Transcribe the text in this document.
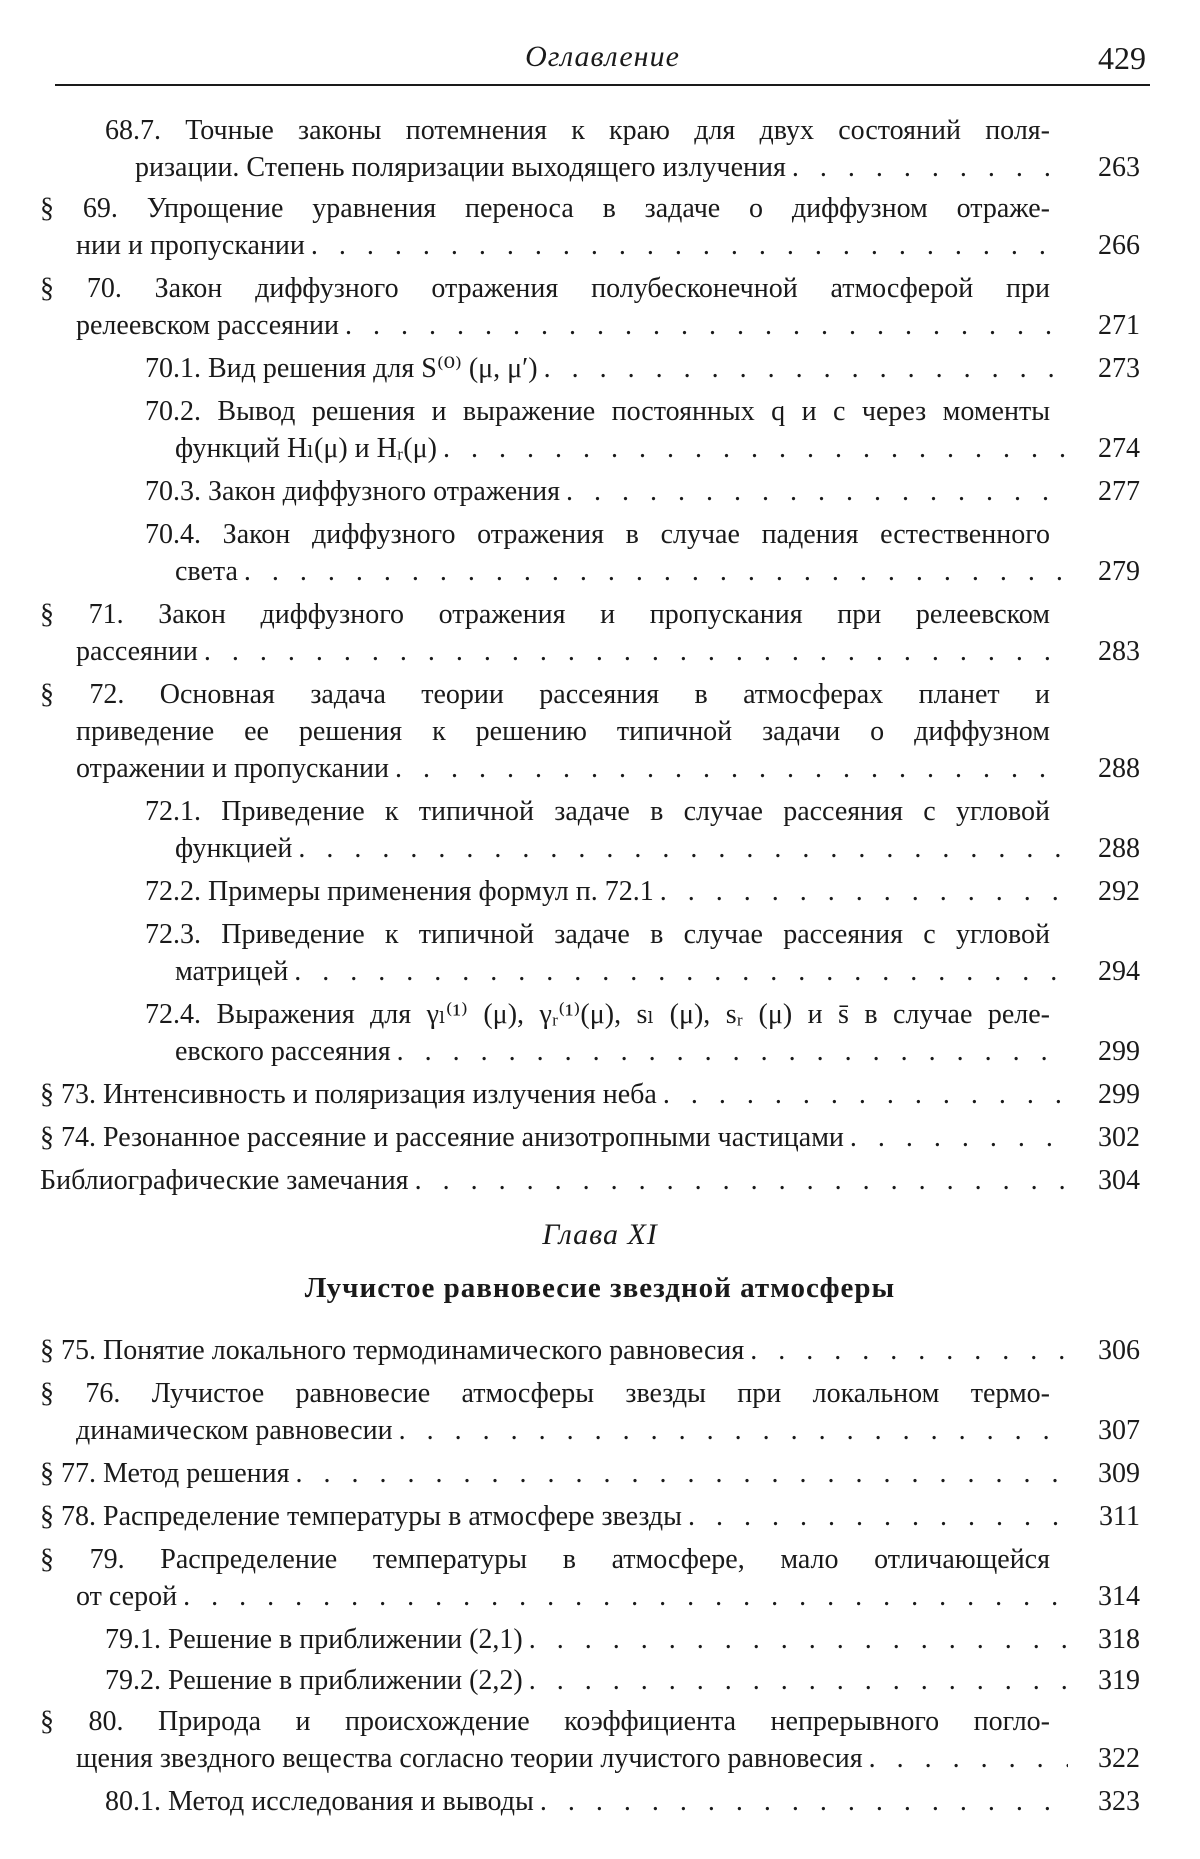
Оглавление	429
68.7. Точные законы потемнения к краю для двух состояний поля-
ризации. Степень поляризации выходящего излучения . . .	263
§ 69. Упрощение уравнения переноса в задаче о диффузном отраже-
нии и пропускании . . .	266
§ 70. Закон диффузного отражения полубесконечной атмосферой при
релеевском рассеянии . . .	271
70.1. Вид решения для S⁽⁰⁾ (μ, μ′) . . .	273
70.2. Вывод решения и выражение постоянных q и c через моменты
функций Hₗ(μ) и Hᵣ(μ) . . .	274
70.3. Закон диффузного отражения . . .	277
70.4. Закон диффузного отражения в случае падения естественного
света . . .	279
§ 71. Закон диффузного отражения и пропускания при релеевском
рассеянии . . .	283
§ 72. Основная задача теории рассеяния в атмосферах планет и
приведение ее решения к решению типичной задачи о диффузном
отражении и пропускании . . .	288
72.1. Приведение к типичной задаче в случае рассеяния с угловой
функцией . . .	288
72.2. Примеры применения формул п. 72.1 . . .	292
72.3. Приведение к типичной задаче в случае рассеяния с угловой
матрицей . . .	294
72.4. Выражения для γₗ⁽¹⁾ (μ), γᵣ⁽¹⁾(μ), sₗ (μ), sᵣ (μ) и s̄ в случае реле-
евского рассеяния . . .	299
§ 73. Интенсивность и поляризация излучения неба . . .	299
§ 74. Резонанное рассеяние и рассеяние анизотропными частицами . . .	302
Библиографические замечания . . .	304
Глава XI
Лучистое равновесие звездной атмосферы
§ 75. Понятие локального термодинамического равновесия . . .	306
§ 76. Лучистое равновесие атмосферы звезды при локальном термо-
динамическом равновесии . . .	307
§ 77. Метод решения . . .	309
§ 78. Распределение температуры в атмосфере звезды . . .	311
§ 79. Распределение температуры в атмосфере, мало отличающейся
от серой . . .	314
79.1. Решение в приближении (2,1) . . .	318
79.2. Решение в приближении (2,2) . . .	319
§ 80. Природа и происхождение коэффициента непрерывного погло-
щения звездного вещества согласно теории лучистого равновесия . . .	322
80.1. Метод исследования и выводы . . .	323
